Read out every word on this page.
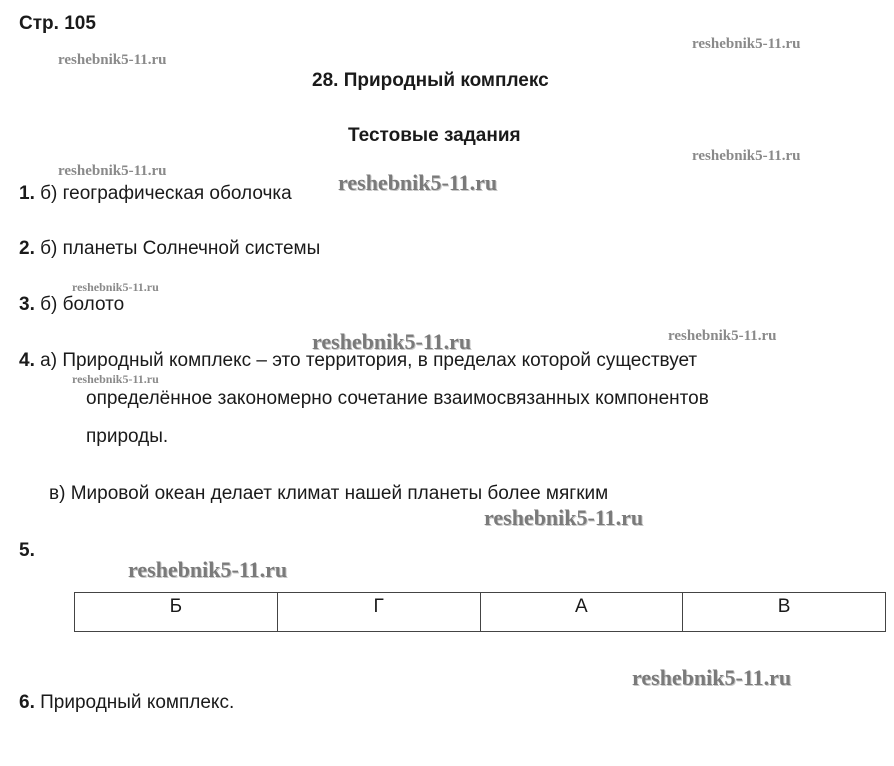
Стр. 105
28. Природный комплекс
Тестовые задания
reshebnik5-11.ru
reshebnik5-11.ru
reshebnik5-11.ru
reshebnik5-11.ru
reshebnik5-11.ru
reshebnik5-11.ru
reshebnik5-11.ru	reshebnik5-11.ru
reshebnik5-11.ru
reshebnik5-11.ru
reshebnik5-11.ru
reshebnik5-11.ru
1. б) географическая оболочка
2. б) планеты Солнечной системы
3. б) болото
4. а) Природный комплекс – это территория, в пределах которой существует
определённое закономерно сочетание взаимосвязанных компонентов
природы.
в) Мировой океан делает климат нашей планеты более мягким
5.
Б	Г	А	В
6. Природный комплекс.
